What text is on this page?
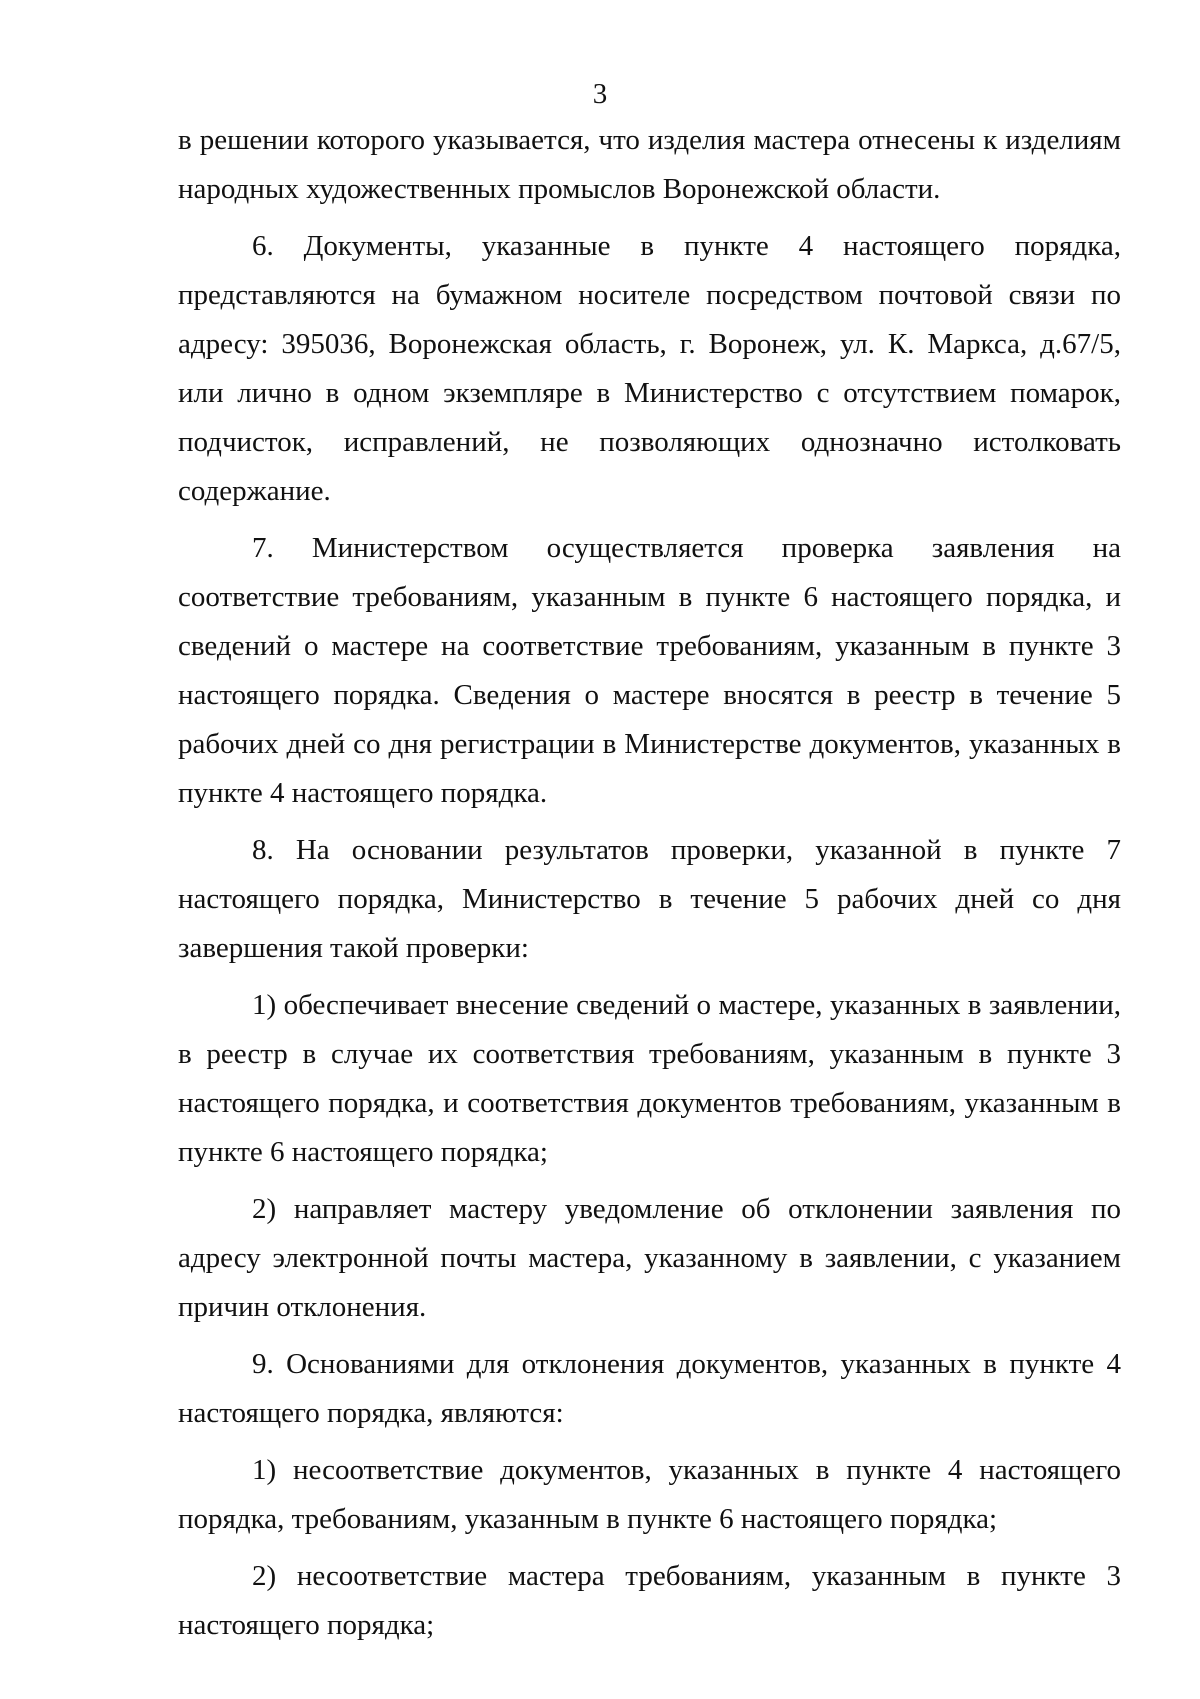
3

в решении которого указывается, что изделия мастера отнесены к изделиям народных художественных промыслов Воронежской области.

6. Документы, указанные в пункте 4 настоящего порядка, представляются на бумажном носителе посредством почтовой связи по адресу: 395036, Воронежская область, г. Воронеж, ул. К. Маркса, д.67/5, или лично в одном экземпляре в Министерство с отсутствием помарок, подчисток, исправлений, не позволяющих однозначно истолковать содержание.

7. Министерством осуществляется проверка заявления на соответствие требованиям, указанным в пункте 6 настоящего порядка, и сведений о мастере на соответствие требованиям, указанным в пункте 3 настоящего порядка. Сведения о мастере вносятся в реестр в течение 5 рабочих дней со дня регистрации в Министерстве документов, указанных в пункте 4 настоящего порядка.

8. На основании результатов проверки, указанной в пункте 7 настоящего порядка, Министерство в течение 5 рабочих дней со дня завершения такой проверки:

1) обеспечивает внесение сведений о мастере, указанных в заявлении, в реестр в случае их соответствия требованиям, указанным в пункте 3 настоящего порядка, и соответствия документов требованиям, указанным в пункте 6 настоящего порядка;

2) направляет мастеру уведомление об отклонении заявления по адресу электронной почты мастера, указанному в заявлении, с указанием причин отклонения.

9. Основаниями для отклонения документов, указанных в пункте 4 настоящего порядка, являются:

1) несоответствие документов, указанных в пункте 4 настоящего порядка, требованиям, указанным в пункте 6 настоящего порядка;

2) несоответствие мастера требованиям, указанным в пункте 3 настоящего порядка;
